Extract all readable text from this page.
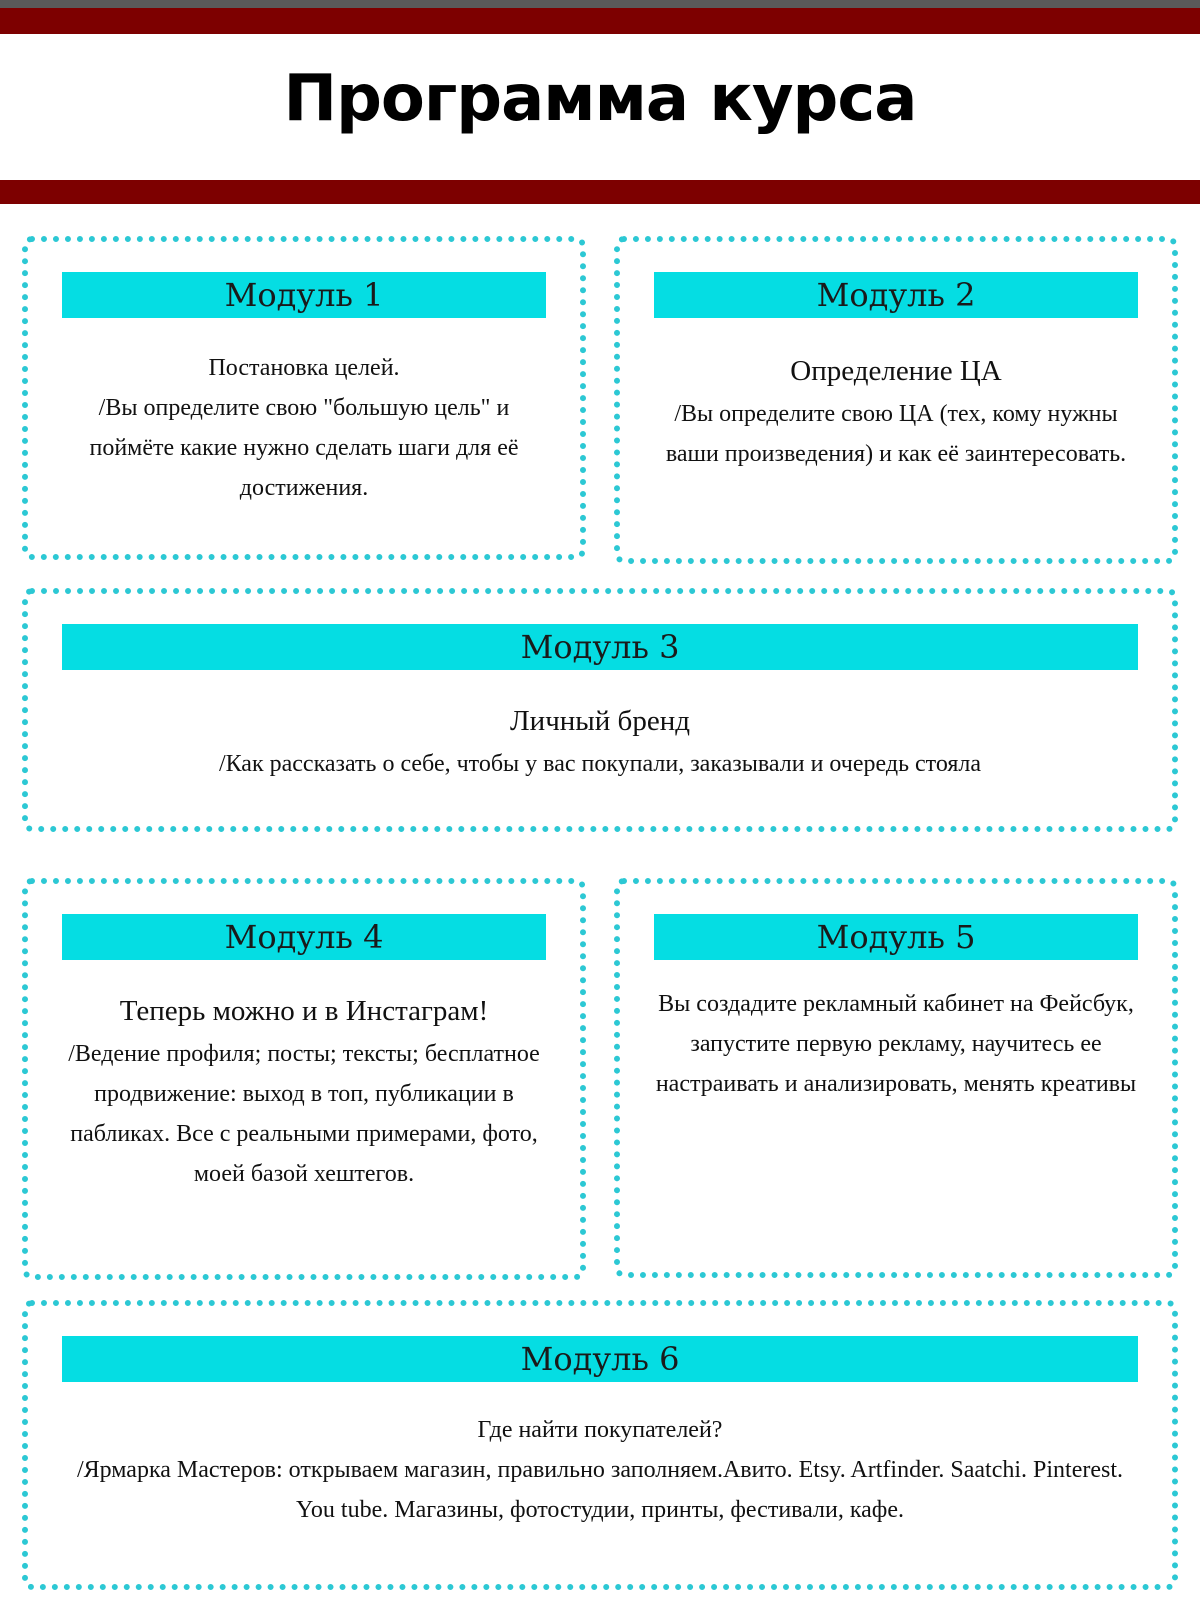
Программа курса
Модуль 1
Постановка целей.
/Вы определите свою "большую цель" и поймёте какие нужно сделать шаги для её достижения.
Модуль 2
Определение ЦА
/Вы определите свою ЦА (тех, кому нужны ваши произведения) и как её заинтересовать.
Модуль 3
Личный бренд
/Как рассказать о себе, чтобы у вас покупали, заказывали и очередь стояла
Модуль 4
Теперь можно и в Инстаграм!
/Ведение профиля; посты; тексты; бесплатное продвижение: выход в топ, публикации в пабликах. Все с реальными примерами, фото, моей базой хештегов.
Модуль 5
Вы создадите рекламный кабинет на Фейсбук, запустите первую рекламу, научитесь ее настраивать и анализировать, менять креативы
Модуль 6
Где найти покупателей?
/Ярмарка Мастеров: открываем магазин, правильно заполняем.Авито. Etsy. Artfinder. Saatchi. Pinterest. You tube. Магазины, фотостудии, принты, фестивали, кафе.
